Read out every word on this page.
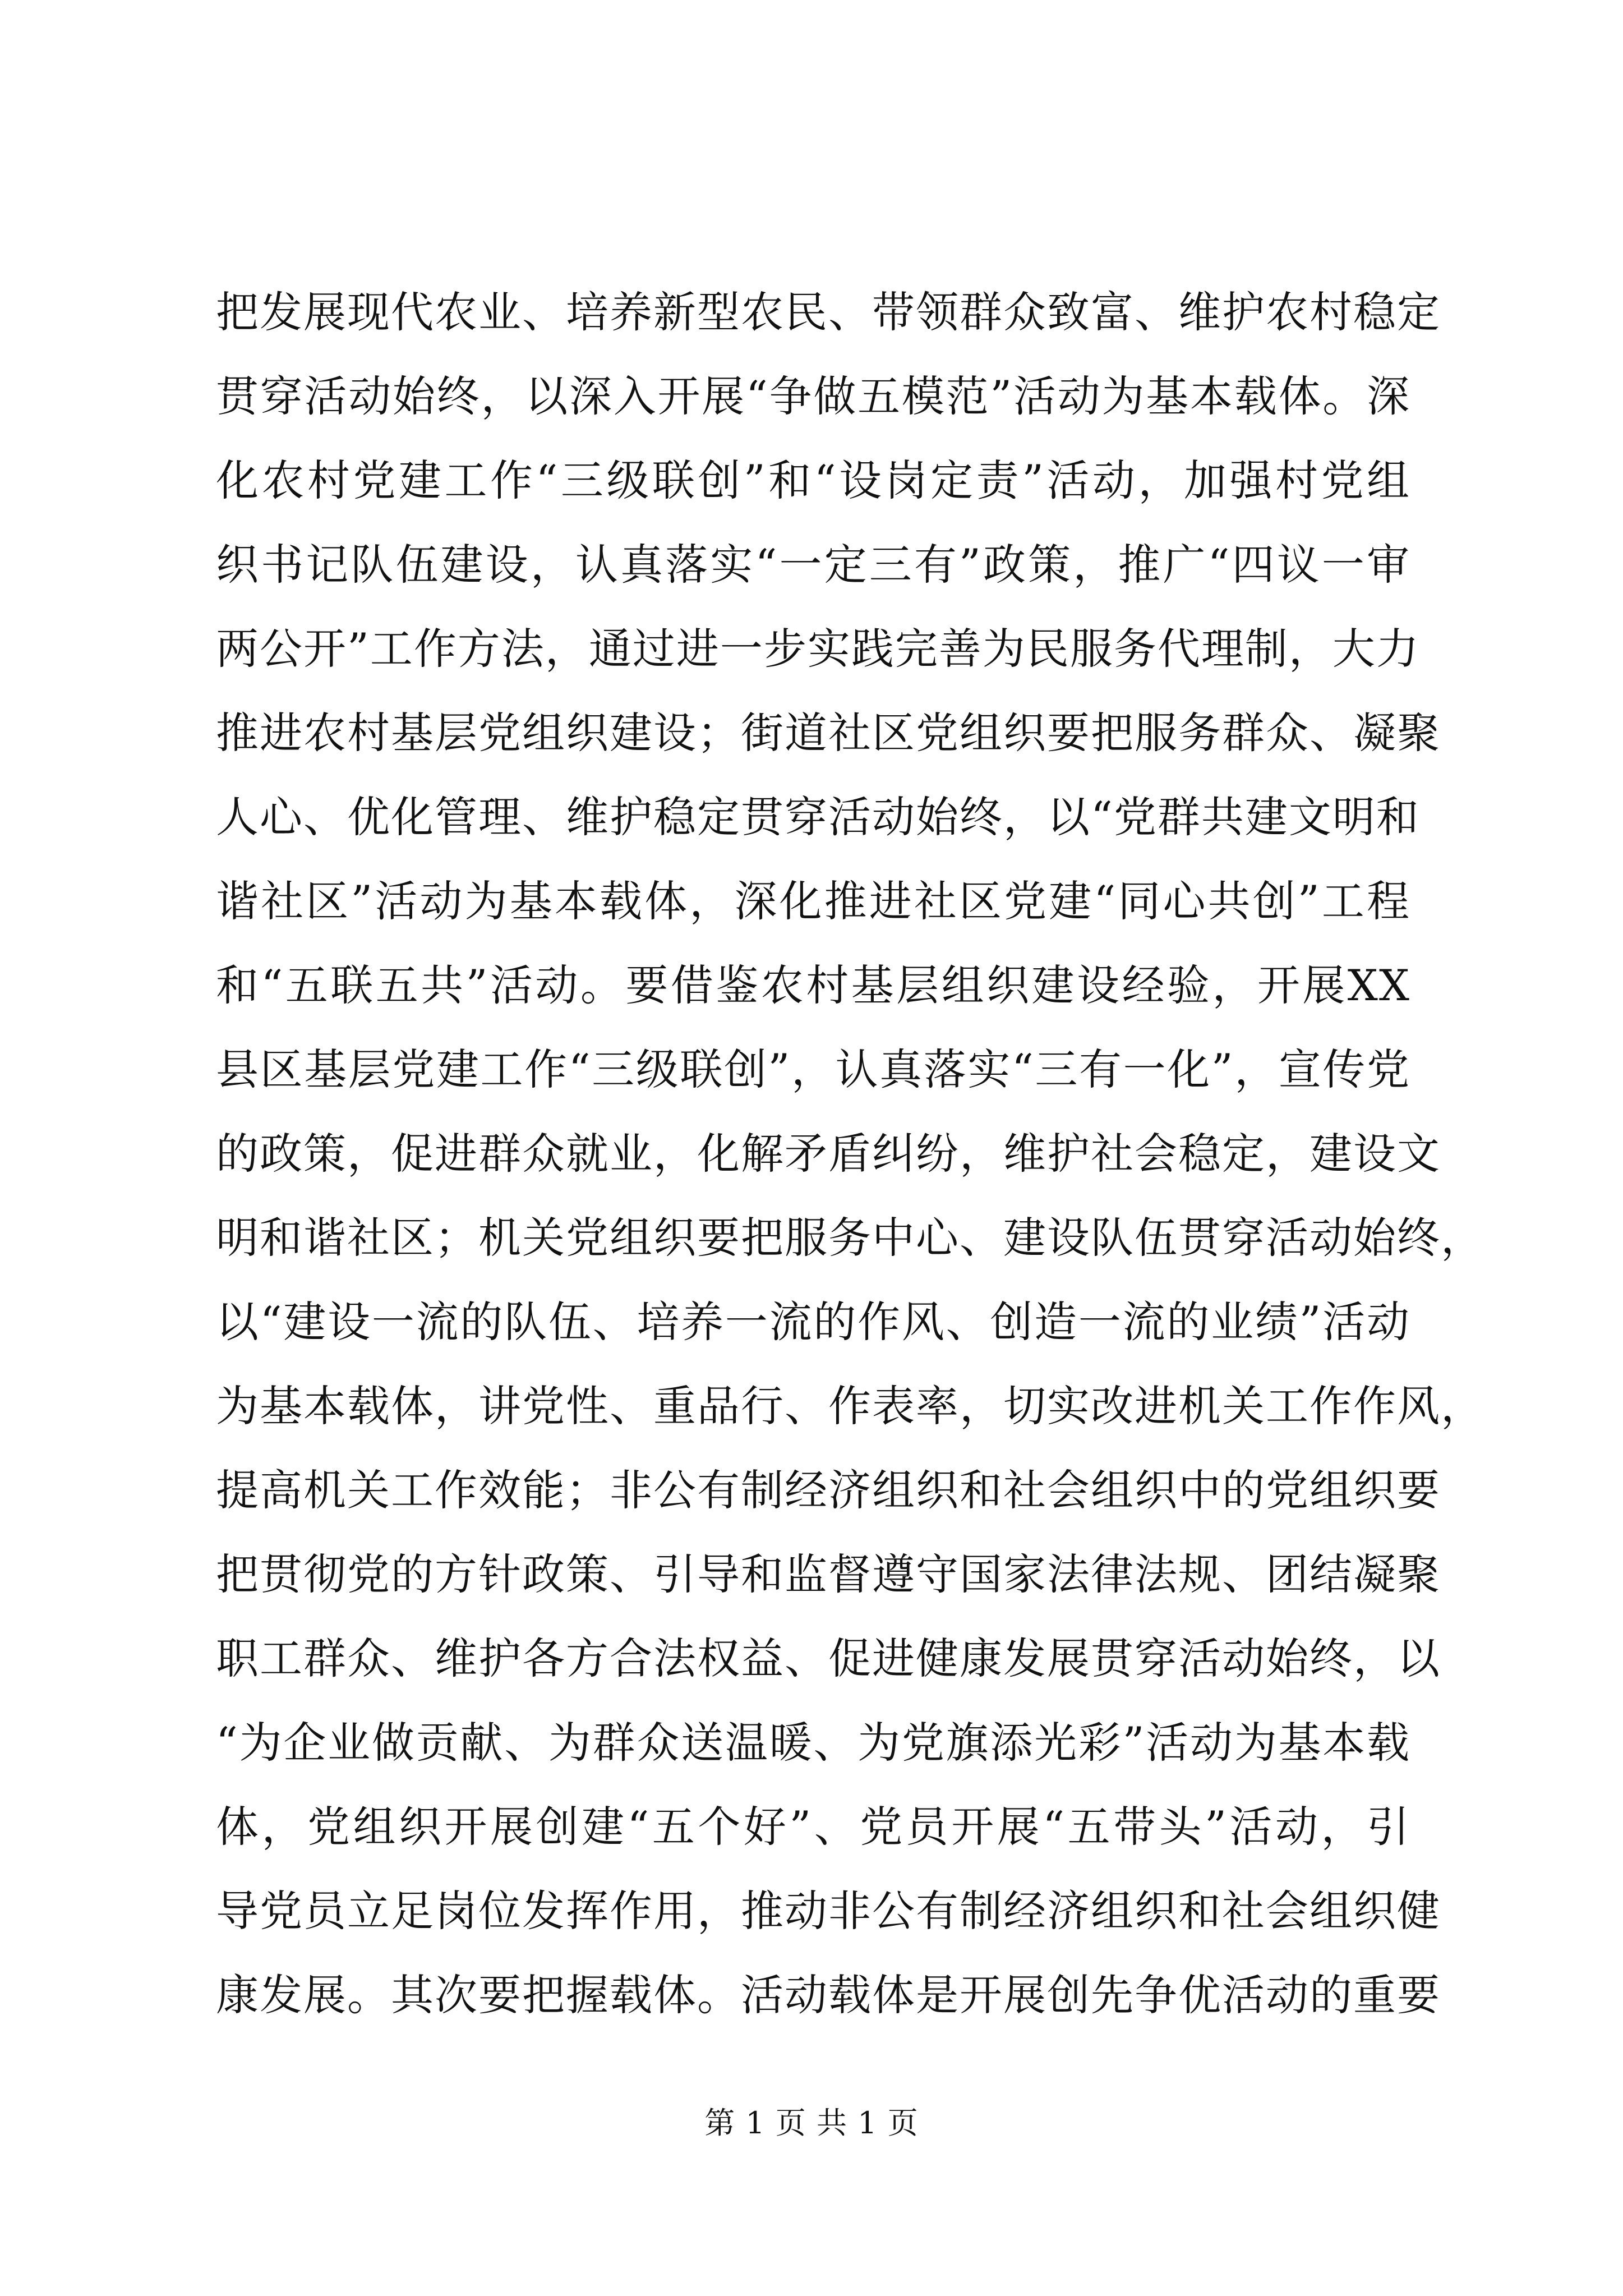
把发展现代农业、培养新型农民、带领群众致富、维护农村稳定
贯穿活动始终，以深入开展“争做五模范”活动为基本载体。深
化农村党建工作“三级联创”和“设岗定责”活动，加强村党组
织书记队伍建设，认真落实“一定三有”政策，推广“四议一审
两公开”工作方法，通过进一步实践完善为民服务代理制，大力
推进农村基层党组织建设；街道社区党组织要把服务群众、凝聚
人心、优化管理、维护稳定贯穿活动始终，以“党群共建文明和
谐社区”活动为基本载体，深化推进社区党建“同心共创”工程
和“五联五共”活动。要借鉴农村基层组织建设经验，开展XX
县区基层党建工作“三级联创”，认真落实“三有一化”，宣传党
的政策，促进群众就业，化解矛盾纠纷，维护社会稳定，建设文
明和谐社区；机关党组织要把服务中心、建设队伍贯穿活动始终，
以“建设一流的队伍、培养一流的作风、创造一流的业绩”活动
为基本载体，讲党性、重品行、作表率，切实改进机关工作作风，
提高机关工作效能；非公有制经济组织和社会组织中的党组织要
把贯彻党的方针政策、引导和监督遵守国家法律法规、团结凝聚
职工群众、维护各方合法权益、促进健康发展贯穿活动始终，以
“为企业做贡献、为群众送温暖、为党旗添光彩”活动为基本载
体，党组织开展创建“五个好”、党员开展“五带头”活动，引
导党员立足岗位发挥作用，推动非公有制经济组织和社会组织健
康发展。其次要把握载体。活动载体是开展创先争优活动的重要
第 1 页 共 1 页
